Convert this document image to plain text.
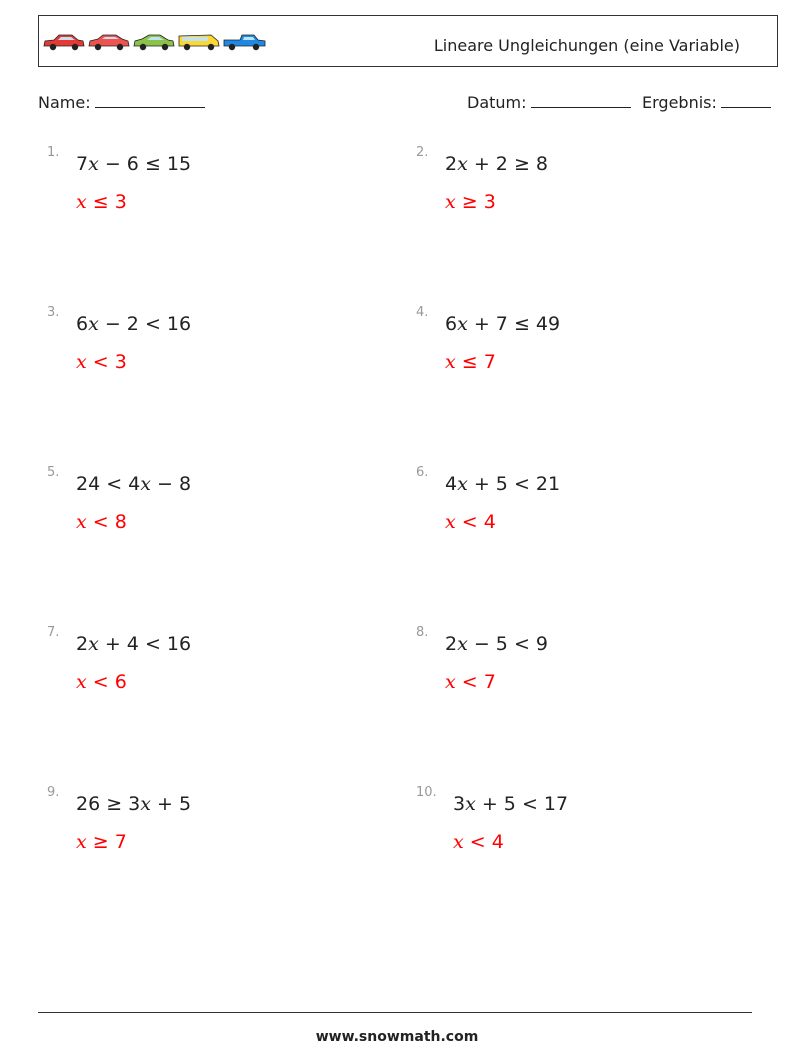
Lineare Ungleichungen (eine Variable)
Name:	Datum:	Ergebnis:
1.
7x − 6 ≤ 15
x ≤ 3
2.
2x + 2 ≥ 8
x ≥ 3
3.
6x − 2 < 16
x < 3
4.
6x + 7 ≤ 49
x ≤ 7
5.
24 < 4x − 8
x < 8
6.
4x + 5 < 21
x < 4
7.
2x + 4 < 16
x < 6
8.
2x − 5 < 9
x < 7
9.
26 ≥ 3x + 5
x ≥ 7
10.
3x + 5 < 17
x < 4
www.snowmath.com
